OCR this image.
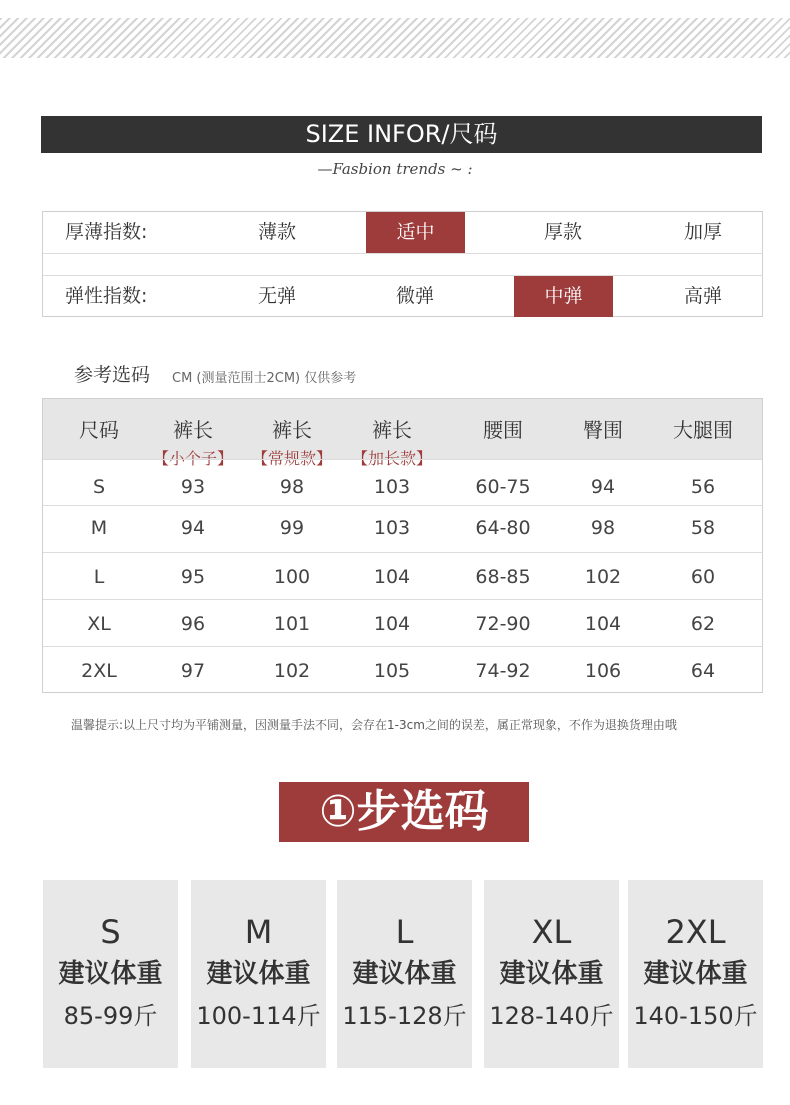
SIZE INFOR/尺码
—Fasbion trends ~ :
厚薄指数:	薄款	适中	厚款	加厚
弹性指数:	无弹	微弹	中弹	高弹
参考选码 CM (测量范围士2CM) 仅供参考
尺码	裤长	裤长	裤长	腰围	臀围	大腿围
【小个子】	【常规款】	【加长款】
S	93	98	103	60-75	94	56
M	94	99	103	64-80	98	58
L	95	100	104	68-85	102	60
XL	96	101	104	72-90	104	62
2XL	97	102	105	74-92	106	64
温馨提示:以上尺寸均为平铺测量，因测量手法不同，会存在1-3cm之间的误差，属正常现象，不作为退换货理由哦
①步选码
S
建议体重
85-99斤
M
建议体重
100-114斤
L
建议体重
115-128斤
XL
建议体重
128-140斤
2XL
建议体重
140-150斤
